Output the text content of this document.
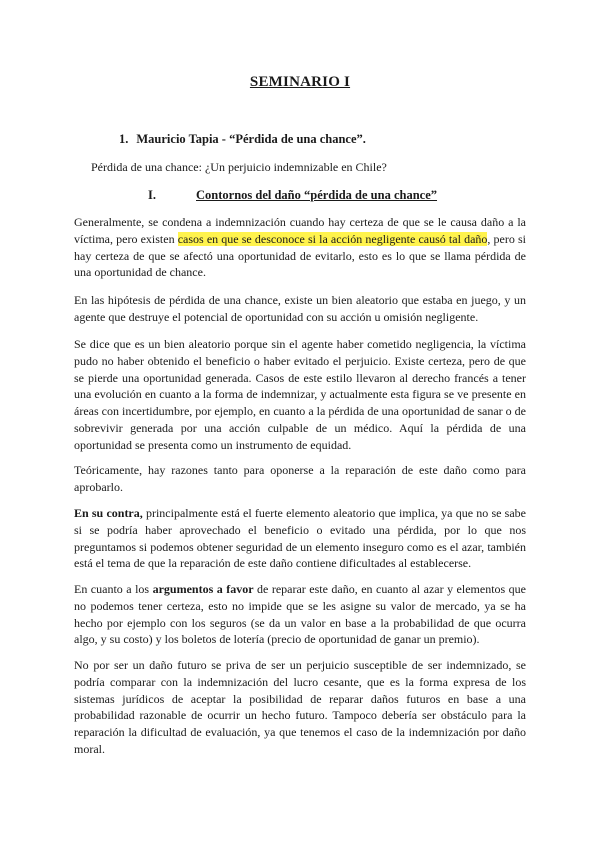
SEMINARIO I
1. Mauricio Tapia - “Pérdida de una chance”.
Pérdida de una chance: ¿Un perjuicio indemnizable en Chile?
I.	Contornos del daño “pérdida de una chance”

Generalmente, se condena a indemnización cuando hay certeza de que se le causa daño a la víctima, pero existen casos en que se desconoce si la acción negligente causó tal daño, pero si hay certeza de que se afectó una oportunidad de evitarlo, esto es lo que se llama pérdida de una oportunidad de chance.

En las hipótesis de pérdida de una chance, existe un bien aleatorio que estaba en juego, y un agente que destruye el potencial de oportunidad con su acción u omisión negligente.

Se dice que es un bien aleatorio porque sin el agente haber cometido negligencia, la víctima pudo no haber obtenido el beneficio o haber evitado el perjuicio. Existe certeza, pero de que se pierde una oportunidad generada. Casos de este estilo llevaron al derecho francés a tener una evolución en cuanto a la forma de indemnizar, y actualmente esta figura se ve presente en áreas con incertidumbre, por ejemplo, en cuanto a la pérdida de una oportunidad de sanar o de sobrevivir generada por una acción culpable de un médico. Aquí la pérdida de una oportunidad se presenta como un instrumento de equidad.

Teóricamente, hay razones tanto para oponerse a la reparación de este daño como para aprobarlo.

En su contra, principalmente está el fuerte elemento aleatorio que implica, ya que no se sabe si se podría haber aprovechado el beneficio o evitado una pérdida, por lo que nos preguntamos si podemos obtener seguridad de un elemento inseguro como es el azar, también está el tema de que la reparación de este daño contiene dificultades al establecerse.

En cuanto a los argumentos a favor de reparar este daño, en cuanto al azar y elementos que no podemos tener certeza, esto no impide que se les asigne su valor de mercado, ya se ha hecho por ejemplo con los seguros (se da un valor en base a la probabilidad de que ocurra algo, y su costo) y los boletos de lotería (precio de oportunidad de ganar un premio).

No por ser un daño futuro se priva de ser un perjuicio susceptible de ser indemnizado, se podría comparar con la indemnización del lucro cesante, que es la forma expresa de los sistemas jurídicos de aceptar la posibilidad de reparar daños futuros en base a una probabilidad razonable de ocurrir un hecho futuro. Tampoco debería ser obstáculo para la reparación la dificultad de evaluación, ya que tenemos el caso de la indemnización por daño moral.
